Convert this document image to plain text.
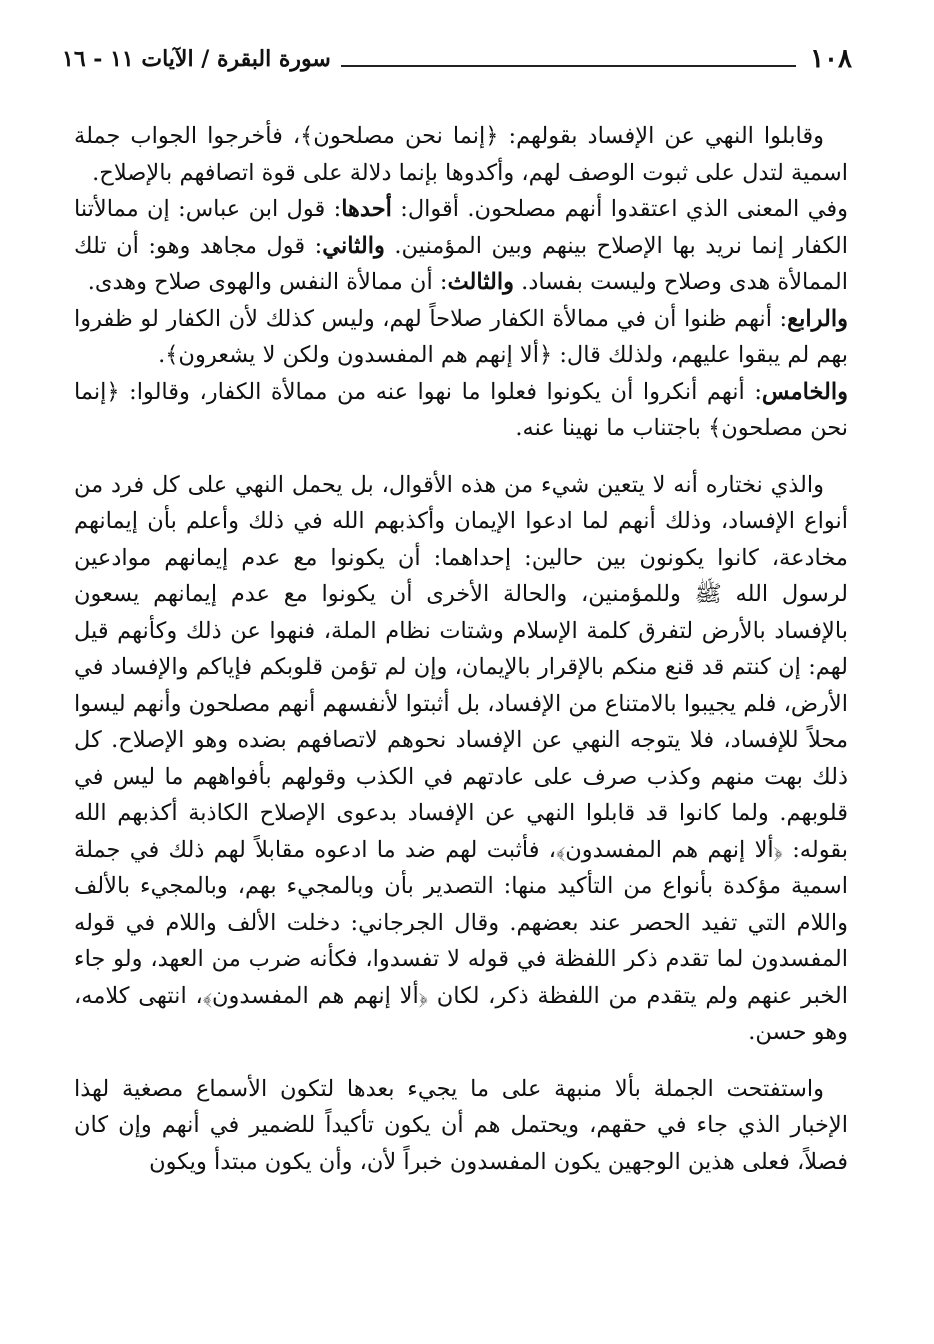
١٠٨
سورة البقرة / الآيات ١١ - ١٦

وقابلوا النهي عن الإفساد بقولهم: ﴿إنما نحن مصلحون﴾، فأخرجوا الجواب جملة اسمية لتدل على ثبوت الوصف لهم، وأكدوها بإنما دلالة على قوة اتصافهم بالإصلاح.

وفي المعنى الذي اعتقدوا أنهم مصلحون. أقوال: أحدها: قول ابن عباس: إن ممالأتنا الكفار إنما نريد بها الإصلاح بينهم وبين المؤمنين. والثاني: قول مجاهد وهو: أن تلك الممالأة هدى وصلاح وليست بفساد. والثالث: أن ممالأة النفس والهوى صلاح وهدى.

والرابع: أنهم ظنوا أن في ممالأة الكفار صلاحاً لهم، وليس كذلك لأن الكفار لو ظفروا بهم لم يبقوا عليهم، ولذلك قال: ﴿ألا إنهم هم المفسدون ولكن لا يشعرون﴾.

والخامس: أنهم أنكروا أن يكونوا فعلوا ما نهوا عنه من ممالأة الكفار، وقالوا: ﴿إنما نحن مصلحون﴾ باجتناب ما نهينا عنه.

والذي نختاره أنه لا يتعين شيء من هذه الأقوال، بل يحمل النهي على كل فرد من أنواع الإفساد، وذلك أنهم لما ادعوا الإيمان وأكذبهم الله في ذلك وأعلم بأن إيمانهم مخادعة، كانوا يكونون بين حالين: إحداهما: أن يكونوا مع عدم إيمانهم موادعين لرسول الله ﷺ وللمؤمنين، والحالة الأخرى أن يكونوا مع عدم إيمانهم يسعون بالإفساد بالأرض لتفرق كلمة الإسلام وشتات نظام الملة، فنهوا عن ذلك وكأنهم قيل لهم: إن كنتم قد قنع منكم بالإقرار بالإيمان، وإن لم تؤمن قلوبكم فإياكم والإفساد في الأرض، فلم يجيبوا بالامتناع من الإفساد، بل أثبتوا لأنفسهم أنهم مصلحون وأنهم ليسوا محلاً للإفساد، فلا يتوجه النهي عن الإفساد نحوهم لاتصافهم بضده وهو الإصلاح. كل ذلك بهت منهم وكذب صرف على عادتهم في الكذب وقولهم بأفواههم ما ليس في قلوبهم. ولما كانوا قد قابلوا النهي عن الإفساد بدعوى الإصلاح الكاذبة أكذبهم الله بقوله: ﴿ألا إنهم هم المفسدون﴾، فأثبت لهم ضد ما ادعوه مقابلاً لهم ذلك في جملة اسمية مؤكدة بأنواع من التأكيد منها: التصدير بأن وبالمجيء بهم، وبالمجيء بالألف واللام التي تفيد الحصر عند بعضهم. وقال الجرجاني: دخلت الألف واللام في قوله المفسدون لما تقدم ذكر اللفظة في قوله لا تفسدوا، فكأنه ضرب من العهد، ولو جاء الخبر عنهم ولم يتقدم من اللفظة ذكر، لكان ﴿ألا إنهم هم المفسدون﴾، انتهى كلامه، وهو حسن.

واستفتحت الجملة بألا منبهة على ما يجيء بعدها لتكون الأسماع مصغية لهذا الإخبار الذي جاء في حقهم، ويحتمل هم أن يكون تأكيداً للضمير في أنهم وإن كان فصلاً، فعلى هذين الوجهين يكون المفسدون خبراً لأن، وأن يكون مبتدأ ويكون
